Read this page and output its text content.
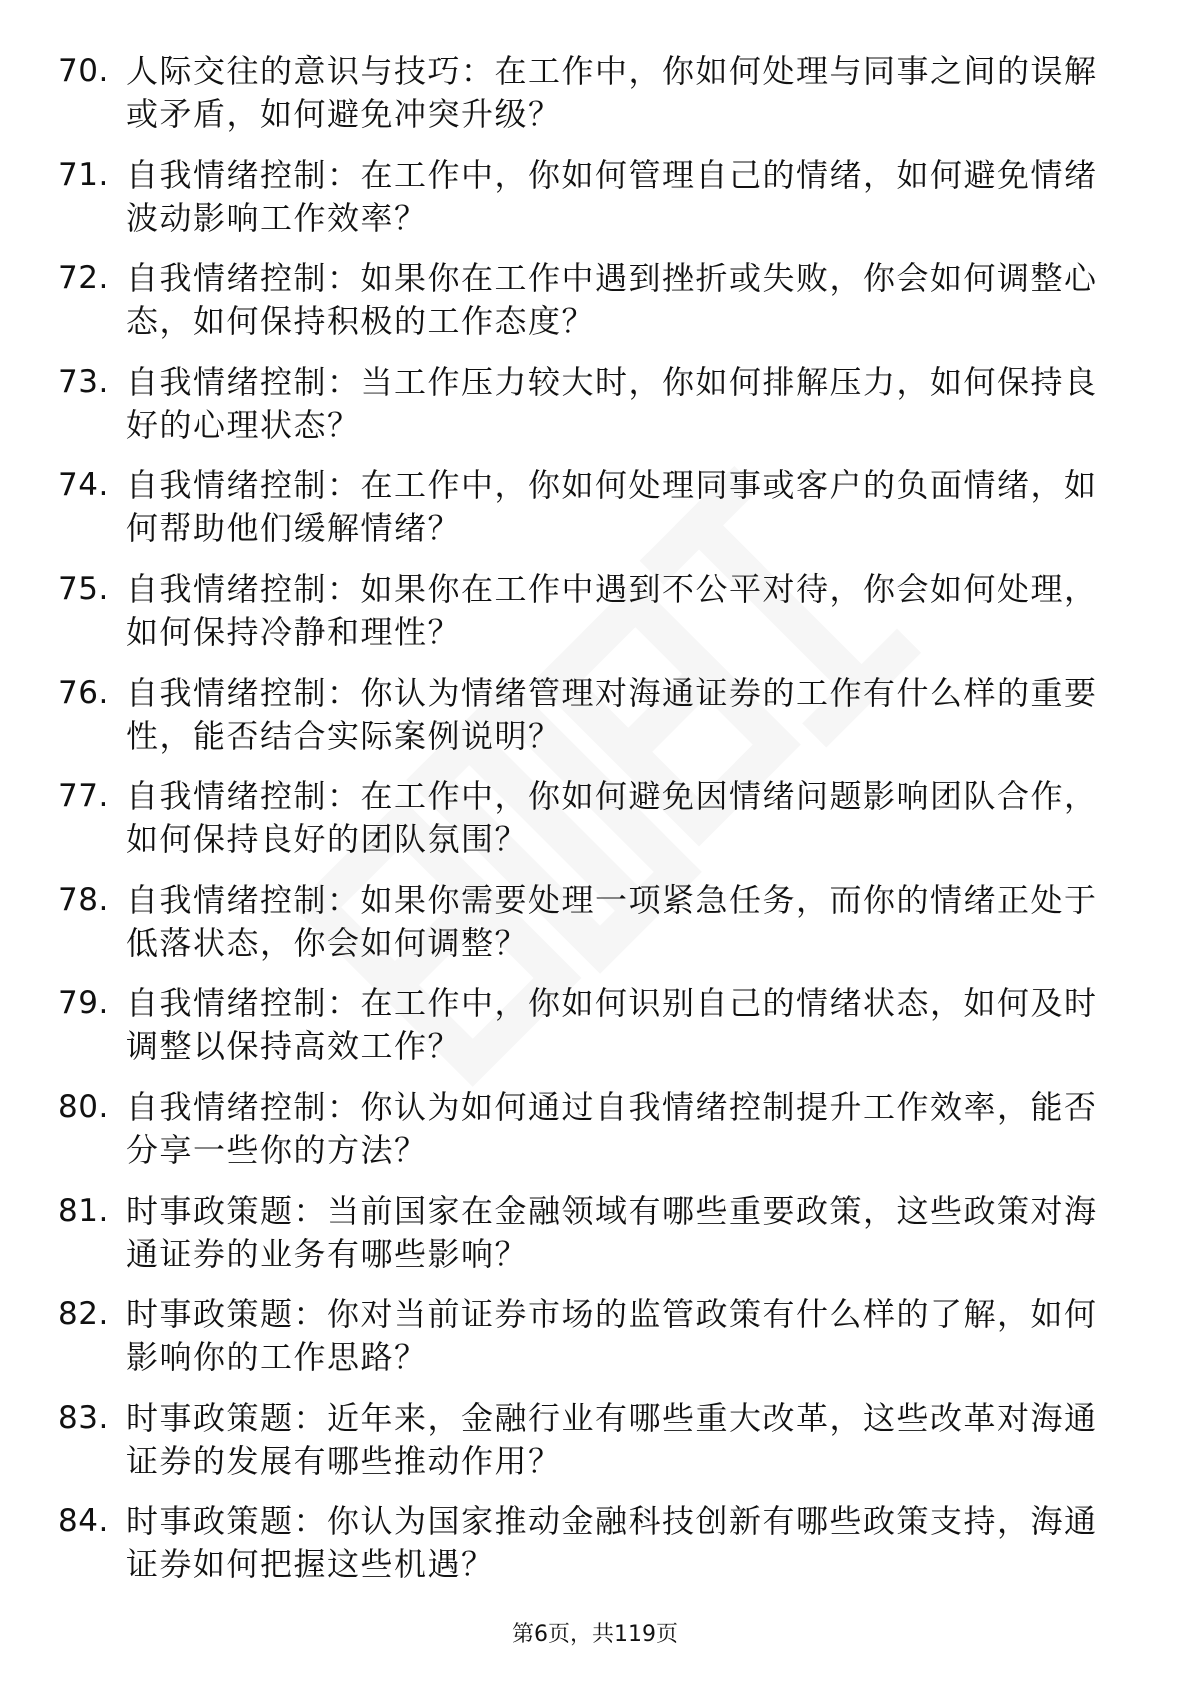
70. 人际交往的意识与技巧：在工作中，你如何处理与同事之间的误解或矛盾，如何避免冲突升级？
71. 自我情绪控制：在工作中，你如何管理自己的情绪，如何避免情绪波动影响工作效率？
72. 自我情绪控制：如果你在工作中遇到挫折或失败，你会如何调整心态，如何保持积极的工作态度？
73. 自我情绪控制：当工作压力较大时，你如何排解压力，如何保持良好的心理状态？
74. 自我情绪控制：在工作中，你如何处理同事或客户的负面情绪，如何帮助他们缓解情绪？
75. 自我情绪控制：如果你在工作中遇到不公平对待，你会如何处理，如何保持冷静和理性？
76. 自我情绪控制：你认为情绪管理对海通证券的工作有什么样的重要性，能否结合实际案例说明？
77. 自我情绪控制：在工作中，你如何避免因情绪问题影响团队合作，如何保持良好的团队氛围？
78. 自我情绪控制：如果你需要处理一项紧急任务，而你的情绪正处于低落状态，你会如何调整？
79. 自我情绪控制：在工作中，你如何识别自己的情绪状态，如何及时调整以保持高效工作？
80. 自我情绪控制：你认为如何通过自我情绪控制提升工作效率，能否分享一些你的方法？
81. 时事政策题：当前国家在金融领域有哪些重要政策，这些政策对海通证券的业务有哪些影响？
82. 时事政策题：你对当前证券市场的监管政策有什么样的了解，如何影响你的工作思路？
83. 时事政策题：近年来，金融行业有哪些重大改革，这些改革对海通证券的发展有哪些推动作用？
84. 时事政策题：你认为国家推动金融科技创新有哪些政策支持，海通证券如何把握这些机遇？
第6页，共119页
